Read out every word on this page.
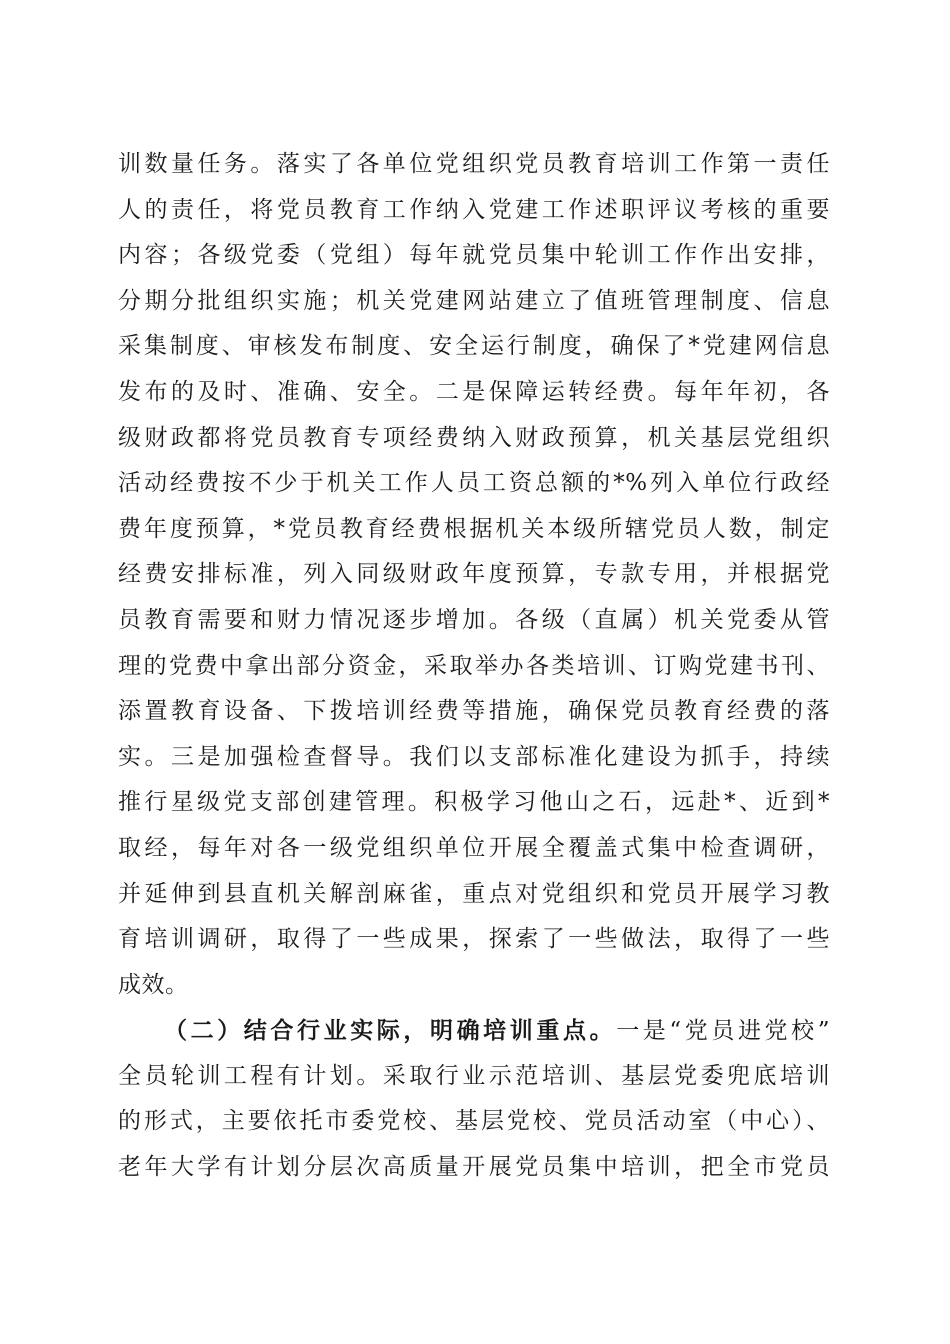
训数量任务。落实了各单位党组织党员教育培训工作第一责任
人的责任，将党员教育工作纳入党建工作述职评议考核的重要
内容；各级党委（党组）每年就党员集中轮训工作作出安排，
分期分批组织实施；机关党建网站建立了值班管理制度、信息
采集制度、审核发布制度、安全运行制度，确保了*党建网信息
发布的及时、准确、安全。二是保障运转经费。每年年初，各
级财政都将党员教育专项经费纳入财政预算，机关基层党组织
活动经费按不少于机关工作人员工资总额的*%列入单位行政经
费年度预算，*党员教育经费根据机关本级所辖党员人数，制定
经费安排标准，列入同级财政年度预算，专款专用，并根据党
员教育需要和财力情况逐步增加。各级（直属）机关党委从管
理的党费中拿出部分资金，采取举办各类培训、订购党建书刊、
添置教育设备、下拨培训经费等措施，确保党员教育经费的落
实。三是加强检查督导。我们以支部标准化建设为抓手，持续
推行星级党支部创建管理。积极学习他山之石，远赴*、近到*
取经，每年对各一级党组织单位开展全覆盖式集中检查调研，
并延伸到县直机关解剖麻雀，重点对党组织和党员开展学习教
育培训调研，取得了一些成果，探索了一些做法，取得了一些
成效。
（二）结合行业实际，明确培训重点。一是“党员进党校”
全员轮训工程有计划。采取行业示范培训、基层党委兜底培训
的形式，主要依托市委党校、基层党校、党员活动室（中心）、
老年大学有计划分层次高质量开展党员集中培训，把全市党员
